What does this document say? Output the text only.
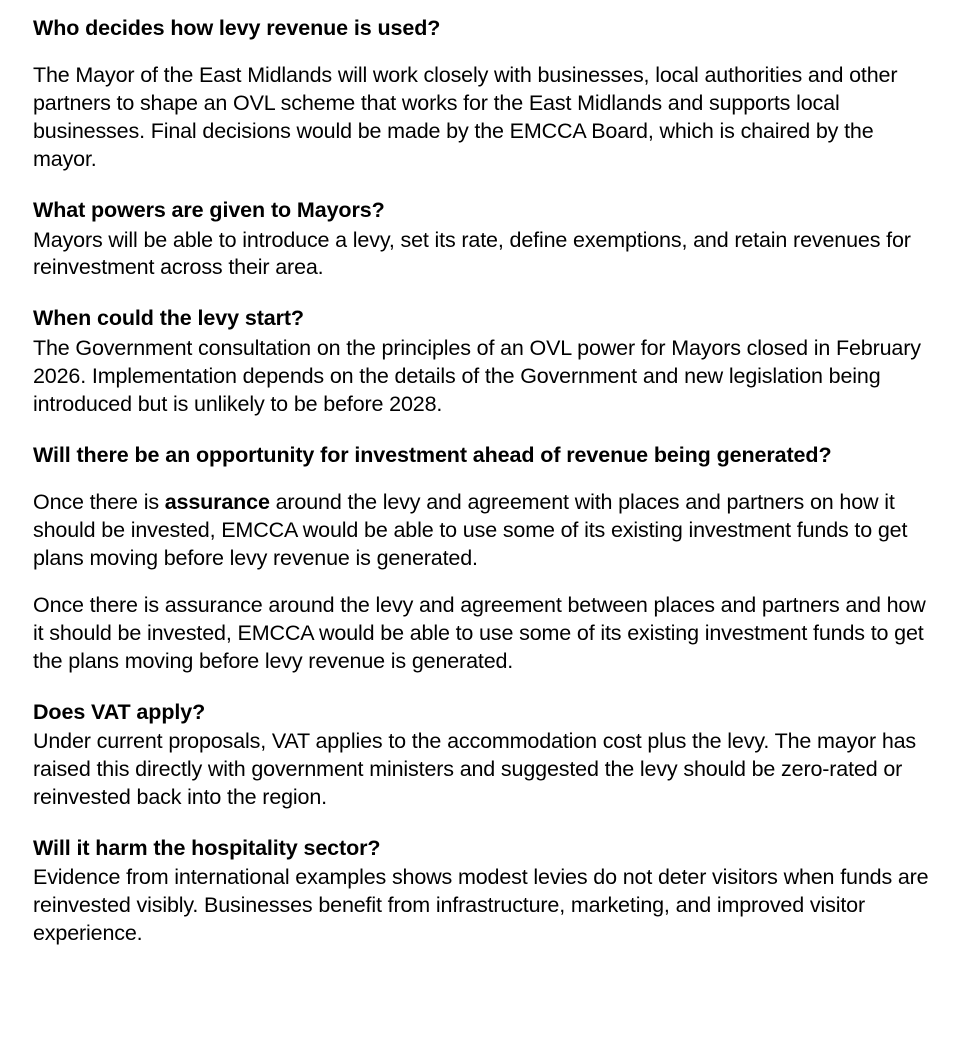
Who decides how levy revenue is used?

The Mayor of the East Midlands will work closely with businesses, local authorities and other partners to shape an OVL scheme that works for the East Midlands and supports local businesses. Final decisions would be made by the EMCCA Board, which is chaired by the mayor.

What powers are given to Mayors?

Mayors will be able to introduce a levy, set its rate, define exemptions, and retain revenues for reinvestment across their area.

When could the levy start?

The Government consultation on the principles of an OVL power for Mayors closed in February 2026. Implementation depends on the details of the Government and new legislation being introduced but is unlikely to be before 2028.

Will there be an opportunity for investment ahead of revenue being generated?

Once there is assurance around the levy and agreement with places and partners on how it should be invested, EMCCA would be able to use some of its existing investment funds to get plans moving before levy revenue is generated.

Once there is assurance around the levy and agreement between places and partners and how it should be invested, EMCCA would be able to use some of its existing investment funds to get the plans moving before levy revenue is generated.

Does VAT apply?

Under current proposals, VAT applies to the accommodation cost plus the levy. The mayor has raised this directly with government ministers and suggested the levy should be zero-rated or reinvested back into the region.

Will it harm the hospitality sector?

Evidence from international examples shows modest levies do not deter visitors when funds are reinvested visibly. Businesses benefit from infrastructure, marketing, and improved visitor experience.
